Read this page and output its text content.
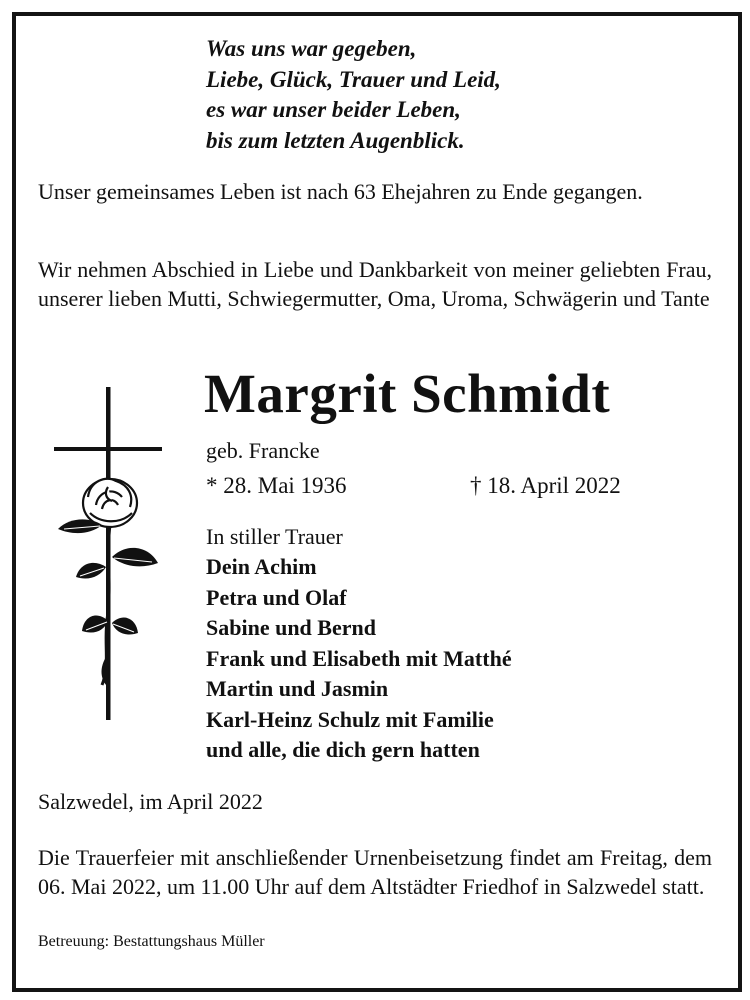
Was uns war gegeben,
Liebe, Glück, Trauer und Leid,
es war unser beider Leben,
bis zum letzten Augenblick.

Unser gemeinsames Leben ist nach 63 Ehejahren zu Ende gegangen.

Wir nehmen Abschied in Liebe und Dankbarkeit von meiner geliebten Frau, unserer lieben Mutti, Schwiegermutter, Oma, Uroma, Schwägerin und Tante

Margrit Schmidt
geb. Francke
* 28. Mai 1936	† 18. April 2022
In stiller Trauer
Dein Achim
Petra und Olaf
Sabine und Bernd
Frank und Elisabeth mit Matthé
Martin und Jasmin
Karl-Heinz Schulz mit Familie
und alle, die dich gern hatten
Salzwedel, im April 2022

Die Trauerfeier mit anschließender Urnenbeisetzung findet am Freitag, dem 06. Mai 2022, um 11.00 Uhr auf dem Altstädter Friedhof in Salzwedel statt.

Betreuung: Bestattungshaus Müller
